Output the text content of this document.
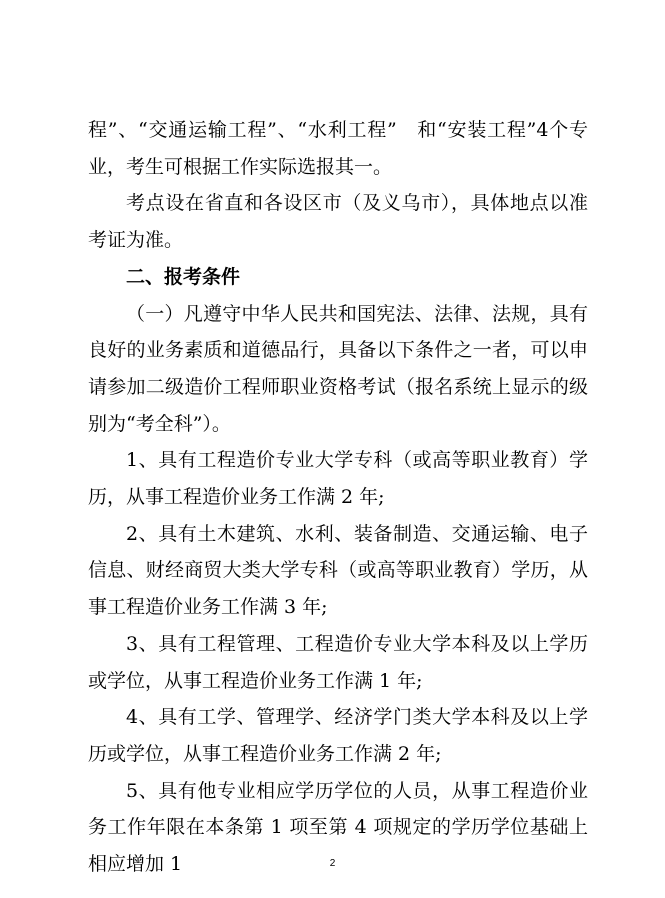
程”、“交通运输工程”、“水利工程”　和“安装工程”4个专业，考生可根据工作实际选报其一。

考点设在省直和各设区市（及义乌市），具体地点以准考证为准。

二、报考条件

（一）凡遵守中华人民共和国宪法、法律、法规，具有良好的业务素质和道德品行，具备以下条件之一者，可以申请参加二级造价工程师职业资格考试（报名系统上显示的级别为“考全科”）。

1、具有工程造价专业大学专科（或高等职业教育）学历，从事工程造价业务工作满 2 年;

2、具有土木建筑、水利、装备制造、交通运输、电子信息、财经商贸大类大学专科（或高等职业教育）学历，从事工程造价业务工作满 3 年;

3、具有工程管理、工程造价专业大学本科及以上学历或学位，从事工程造价业务工作满 1 年;

4、具有工学、管理学、经济学门类大学本科及以上学历或学位，从事工程造价业务工作满 2 年;

5、具有他专业相应学历学位的人员，从事工程造价业务工作年限在本条第 1 项至第 4 项规定的学历学位基础上相应增加 1	2
